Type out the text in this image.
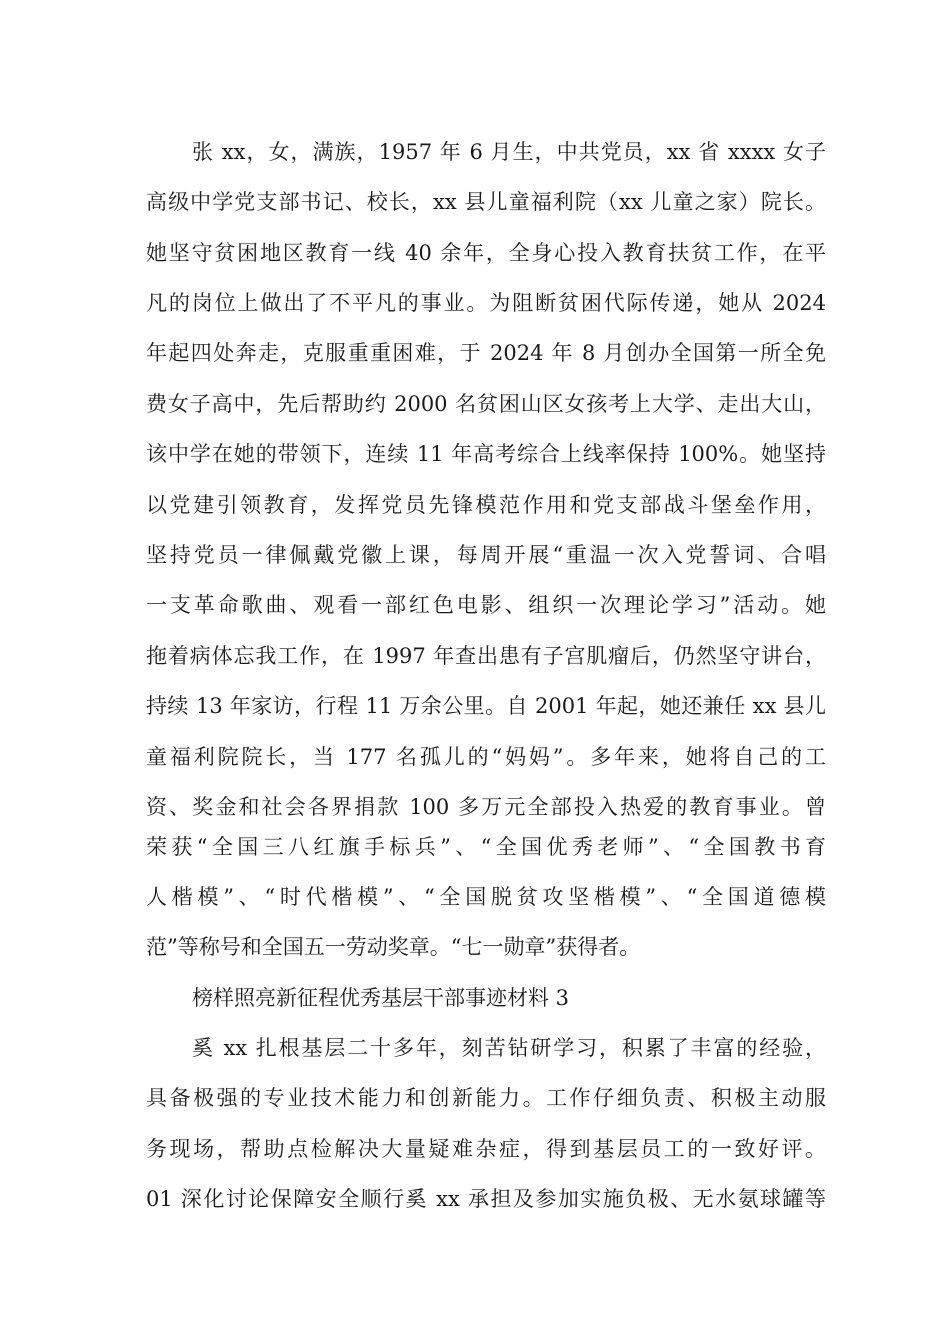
张 xx，女，满族，1957 年 6 月生，中共党员，xx 省 xxxx 女子
高级中学党支部书记、校长，xx 县儿童福利院（xx 儿童之家）院长。
她坚守贫困地区教育一线 40 余年，全身心投入教育扶贫工作，在平
凡的岗位上做出了不平凡的事业。为阻断贫困代际传递，她从 2024
年起四处奔走，克服重重困难，于 2024 年 8 月创办全国第一所全免
费女子高中，先后帮助约 2000 名贫困山区女孩考上大学、走出大山，
该中学在她的带领下，连续 11 年高考综合上线率保持 100%。她坚持
以党建引领教育，发挥党员先锋模范作用和党支部战斗堡垒作用，
坚持党员一律佩戴党徽上课，每周开展“重温一次入党誓词、合唱
一支革命歌曲、观看一部红色电影、组织一次理论学习”活动。她
拖着病体忘我工作，在 1997 年查出患有子宫肌瘤后，仍然坚守讲台，
持续 13 年家访，行程 11 万余公里。自 2001 年起，她还兼任 xx 县儿
童福利院院长，当 177 名孤儿的“妈妈”。多年来，她将自己的工
资、奖金和社会各界捐款 100 多万元全部投入热爱的教育事业。曾
荣获“全国三八红旗手标兵”、“全国优秀老师”、“全国教书育
人楷模”、“时代楷模”、“全国脱贫攻坚楷模”、“全国道德模
范”等称号和全国五一劳动奖章。“七一勋章”获得者。
榜样照亮新征程优秀基层干部事迹材料 3
奚 xx 扎根基层二十多年，刻苦钻研学习，积累了丰富的经验，
具备极强的专业技术能力和创新能力。工作仔细负责、积极主动服
务现场，帮助点检解决大量疑难杂症，得到基层员工的一致好评。
01 深化讨论保障安全顺行奚 xx 承担及参加实施负极、无水氨球罐等
